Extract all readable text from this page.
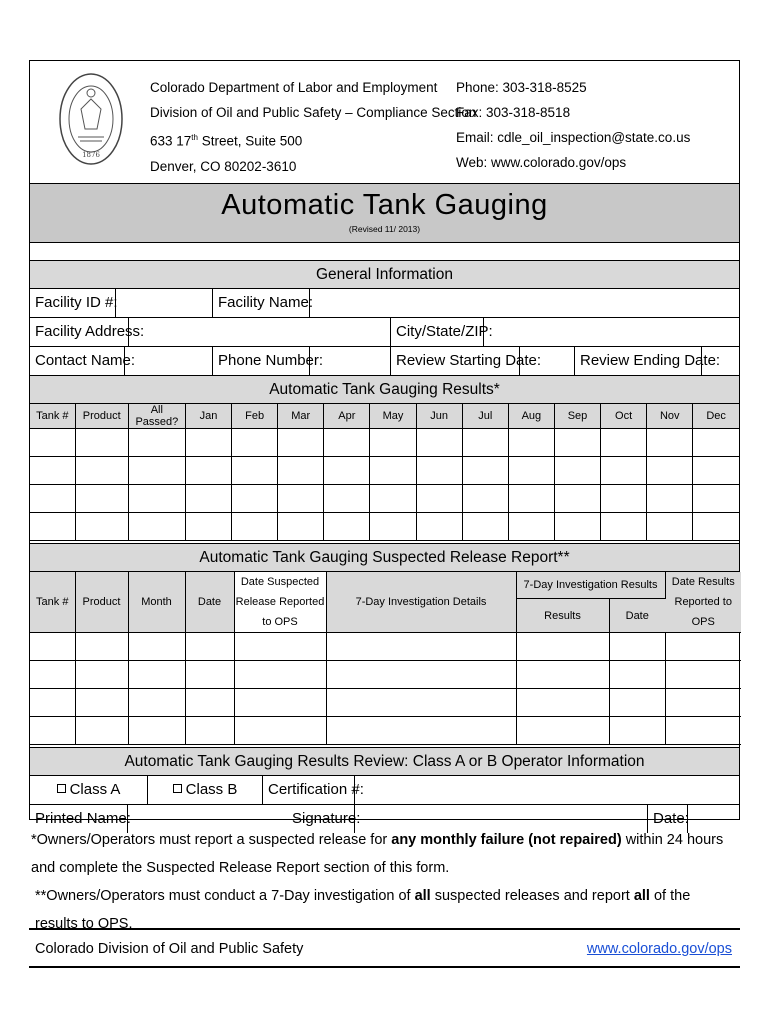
1876
Colorado Department of Labor and Employment
Division of Oil and Public Safety – Compliance Section
633 17th Street, Suite 500
Denver, CO 80202-3610
Phone: 303-318-8525
Fax: 303-318-8518
Email: cdle_oil_inspection@state.co.us
Web: www.colorado.gov/ops
Automatic Tank Gauging
(Revised 11/ 2013)
General Information
Facility ID #:	Facility Name:
Facility Address:	City/State/ZIP:
Contact Name:	Phone Number:	Review Starting Date:	Review Ending Date:
Automatic Tank Gauging Results*
Tank #	Product	All Passed?	Jan	Feb	Mar	Apr	May	Jun	Jul	Aug	Sep	Oct	Nov	Dec

Automatic Tank Gauging Suspected Release Report**
Tank #	Product	Month	Date	Date Suspected Release Reported to OPS	7-Day Investigation Details	7-Day Investigation Results		Date Results Reported to OPS
						Results	Date	

Automatic Tank Gauging Results Review: Class A or B Operator Information
Class A	Class B	Certification #:
Printed Name:	Signature:	Date:

*Owners/Operators must report a suspected release for any monthly failure (not repaired) within 24 hours and complete the Suspected Release Report section of this form.

**Owners/Operators must conduct a 7-Day investigation of all suspected releases and report all of the results to OPS.

Colorado Division of Oil and Public Safety	www.colorado.gov/ops
